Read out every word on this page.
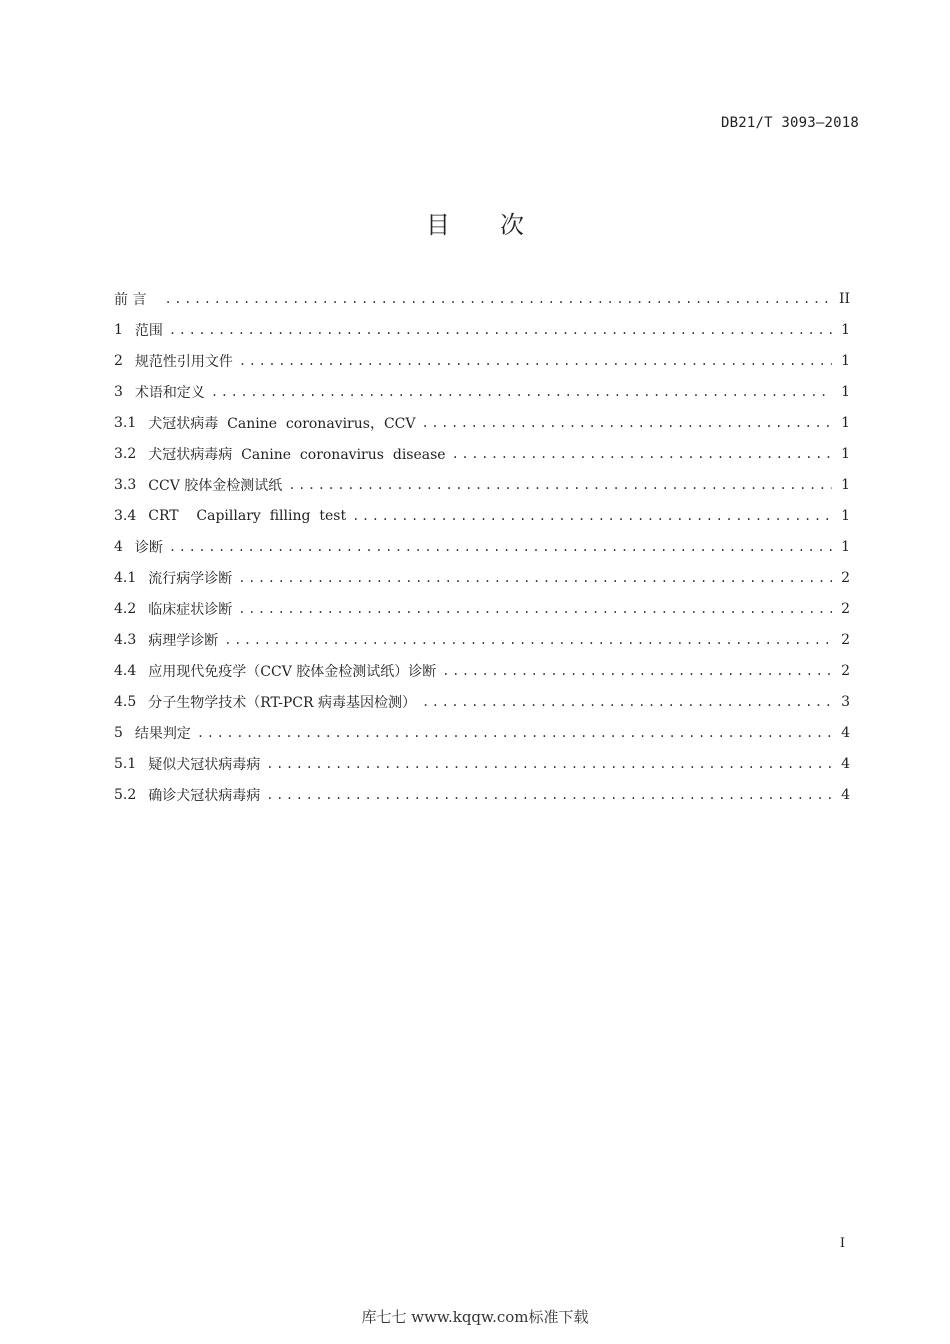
DB21/T 3093—2018
目次
前 言 .....	II
1 范围 .....	1
2 规范性引用文件 .....	1
3 术语和定义 .....	1
3.1 犬冠状病毒  Canine  coronavirus，CCV .....	1
3.2 犬冠状病毒病  Canine  coronavirus  disease .....	1
3.3 CCV 胶体金检测试纸 .....	1
3.4 CRT    Capillary  filling  test .....	1
4 诊断 .....	1
4.1 流行病学诊断 .....	2
4.2 临床症状诊断 .....	2
4.3 病理学诊断 .....	2
4.4 应用现代免疫学（CCV 胶体金检测试纸）诊断 .....	2
4.5 分子生物学技术（RT-PCR 病毒基因检测） .....	3
5 结果判定 .....	4
5.1 疑似犬冠状病毒病 .....	4
5.2 确诊犬冠状病毒病 .....	4
I
库七七 www.kqqw.com标准下载
